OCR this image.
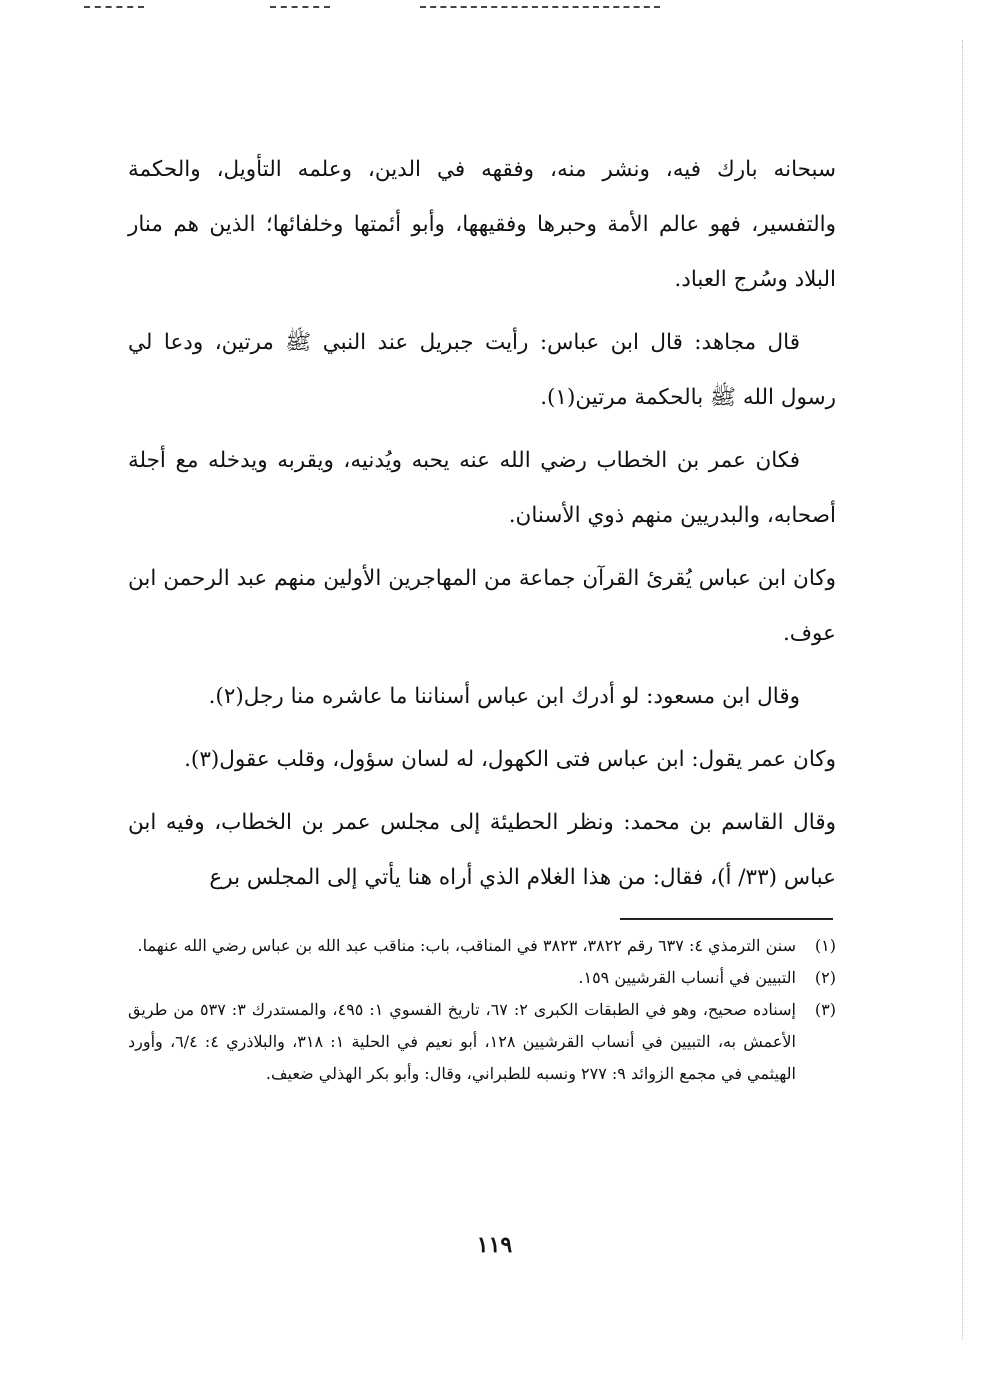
سبحانه بارك فيه، ونشر منه، وفقهه في الدين، وعلمه التأويل، والحكمة والتفسير، فهو عالم الأمة وحبرها وفقيهها، وأبو أئمتها وخلفائها؛ الذين هم منار البلاد وسُرج العباد.

قال مجاهد: قال ابن عباس: رأيت جبريل عند النبي ﷺ مرتين، ودعا لي رسول الله ﷺ بالحكمة مرتين(١).

فكان عمر بن الخطاب رضي الله عنه يحبه ويُدنيه، ويقربه ويدخله مع أجلة أصحابه، والبدريين منهم ذوي الأسنان.

وكان ابن عباس يُقرئ القرآن جماعة من المهاجرين الأولين منهم عبد الرحمن ابن عوف.

وقال ابن مسعود: لو أدرك ابن عباس أسناننا ما عاشره منا رجل(٢).

وكان عمر يقول: ابن عباس فتى الكهول، له لسان سؤول، وقلب عقول(٣).

وقال القاسم بن محمد: ونظر الحطيئة إلى مجلس عمر بن الخطاب، وفيه ابن عباس (٣٣/ أ)، فقال: من هذا الغلام الذي أراه هنا يأتي إلى المجلس برع

(١)
سنن الترمذي ٤: ٦٣٧ رقم ٣٨٢٢، ٣٨٢٣ في المناقب، باب: مناقب عبد الله بن عباس رضي الله عنهما.
(٢)
التبيين في أنساب القرشيين ١٥٩.
(٣)
إسناده صحيح، وهو في الطبقات الكبرى ٢: ٦٧، تاريخ الفسوي ١: ٤٩٥، والمستدرك ٣: ٥٣٧ من طريق الأعمش به، التبيين في أنساب القرشيين ١٢٨، أبو نعيم في الحلية ١: ٣١٨، والبلاذري ٤: ٦/٤، وأورد الهيثمي في مجمع الزوائد ٩: ٢٧٧ ونسبه للطبراني، وقال: وأبو بكر الهذلي ضعيف.
١١٩
